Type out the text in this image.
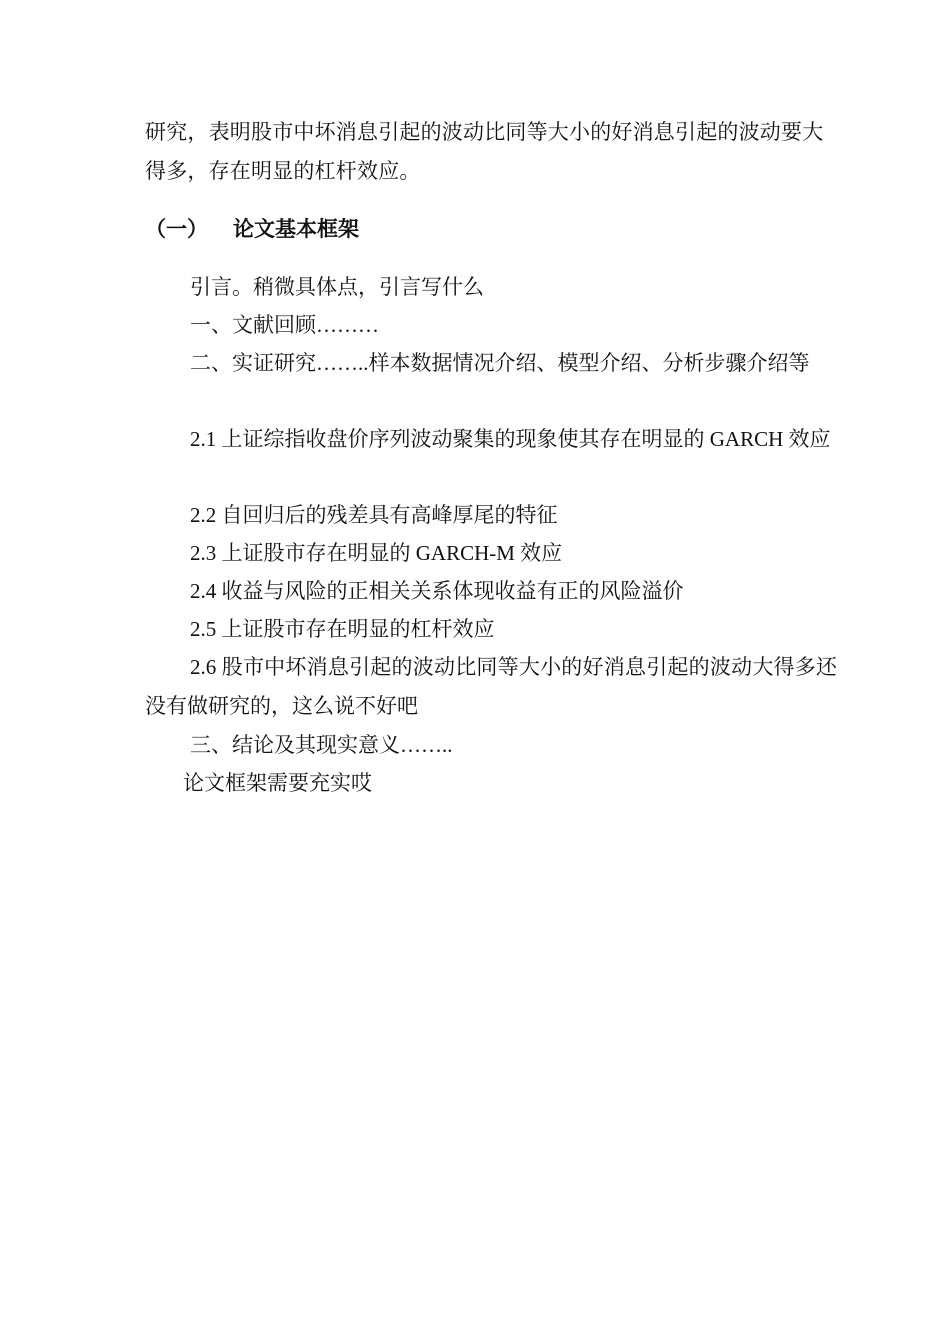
研究，表明股市中坏消息引起的波动比同等大小的好消息引起的波动要大得多，存在明显的杠杆效应。
（一） 论文基本框架
引言。稍微具体点，引言写什么
一、文献回顾………
二、实证研究……..样本数据情况介绍、模型介绍、分析步骤介绍等
2.1 上证综指收盘价序列波动聚集的现象使其存在明显的 GARCH 效应
2.2 自回归后的残差具有高峰厚尾的特征
2.3 上证股市存在明显的 GARCH-M 效应
2.4 收益与风险的正相关关系体现收益有正的风险溢价
2.5 上证股市存在明显的杠杆效应
2.6 股市中坏消息引起的波动比同等大小的好消息引起的波动大得多还没有做研究的，这么说不好吧
三、结论及其现实意义……..
论文框架需要充实哎
